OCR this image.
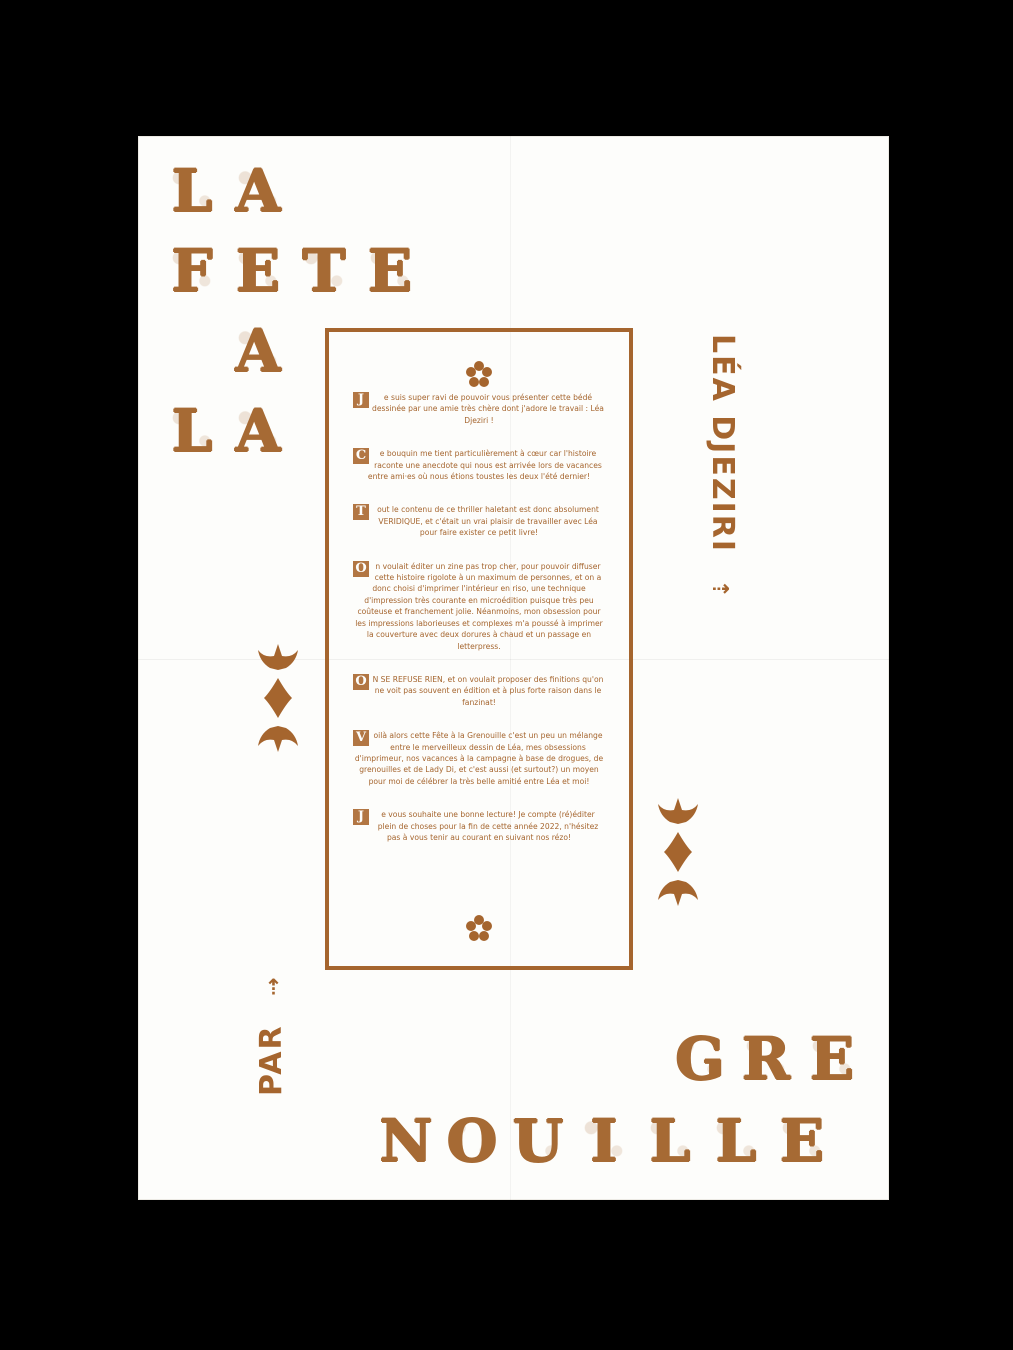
L A
F E T E
A
L A
G R E
N O U I L L E
LÉA DJEZIRI ⇡
PAR ⇡

J	e suis super ravi de pouvoir vous présenter cette bédé dessinée par une amie très chère dont j'adore le travail : Léa Djeziri !

C	e bouquin me tient particulièrement à cœur car l'histoire raconte une anecdote qui nous est arrivée lors de vacances entre ami·es où nous étions toustes les deux l'été dernier!

T	out le contenu de ce thriller haletant est donc absolument VERIDIQUE, et c'était un vrai plaisir de travailler avec Léa pour faire exister ce petit livre!

O	n voulait éditer un zine pas trop cher, pour pouvoir diffuser cette histoire rigolote à un maximum de personnes, et on a donc choisi d'imprimer l'intérieur en riso, une technique d'impression très courante en microédition puisque très peu coûteuse et franchement jolie. Néanmoins, mon obsession pour les impressions laborieuses et complexes m'a poussé à imprimer la couverture avec deux dorures à chaud et un passage en letterpress.

O N SE REFUSE RIEN, et on voulait proposer des finitions qu'on ne voit pas souvent en édition et à plus forte raison dans le fanzinat!

V oilà alors cette Fête à la Grenouille c'est un peu un mélange entre le merveilleux dessin de Léa, mes obsessions d'imprimeur, nos vacances à la campagne à base de drogues, de grenouilles et de Lady Di, et c'est aussi (et surtout?) un moyen pour moi de célébrer la très belle amitié entre Léa et moi!

J	e vous souhaite une bonne lecture! Je compte (ré)éditer plein de choses pour la fin de cette année 2022, n'hésitez pas à vous tenir au courant en suivant nos rézo!
